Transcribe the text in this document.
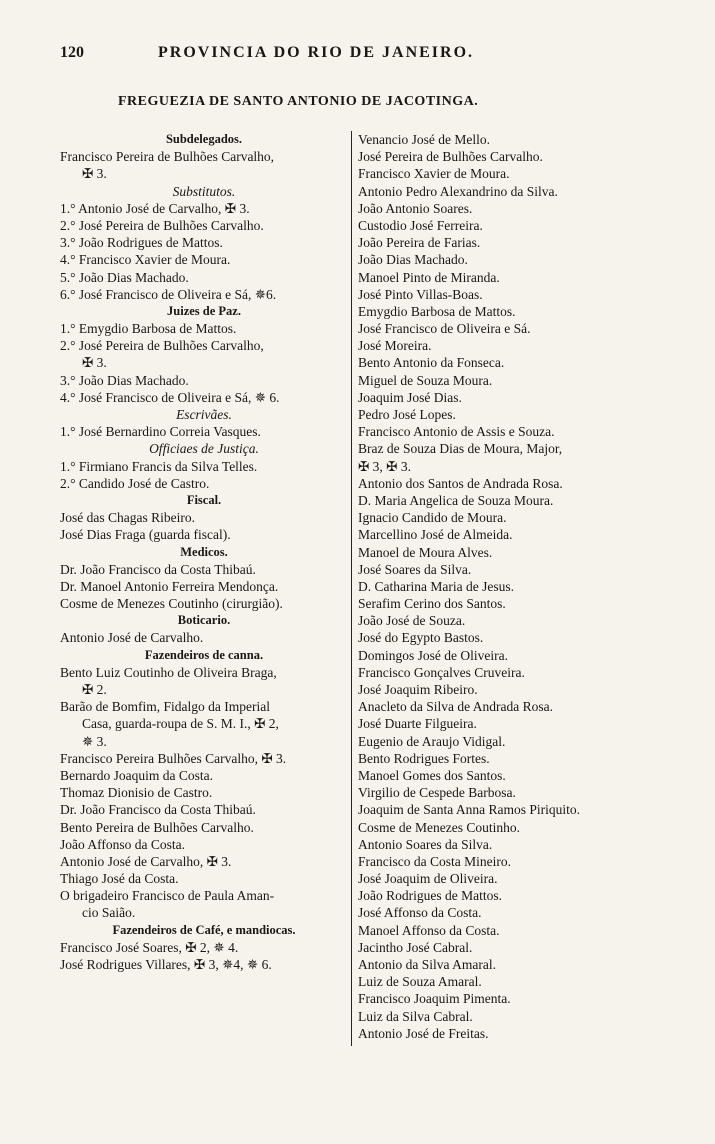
120	PROVINCIA DO RIO DE JANEIRO.
FREGUEZIA DE SANTO ANTONIO DE JACOTINGA.
Subdelegados.
Francisco Pereira de Bulhões Carvalho,
✠ 3.
Substitutos.
1.° Antonio José de Carvalho, ✠ 3.
2.° José Pereira de Bulhões Carvalho.
3.° João Rodrigues de Mattos.
4.° Francisco Xavier de Moura.
5.° João Dias Machado.
6.° José Francisco de Oliveira e Sá, ✵6.
Juizes de Paz.
1.° Emygdio Barbosa de Mattos.
2.° José Pereira de Bulhões Carvalho,
✠ 3.
3.° João Dias Machado.
4.° José Francisco de Oliveira e Sá, ✵ 6.
Escrivães.
1.° José Bernardino Correia Vasques.
Officiaes de Justiça.
1.° Firmiano Francis da Silva Telles.
2.° Candido José de Castro.
Fiscal.
José das Chagas Ribeiro.
José Dias Fraga (guarda fiscal).
Medicos.
Dr. João Francisco da Costa Thibaú.
Dr. Manoel Antonio Ferreira Mendonça.
Cosme de Menezes Coutinho (cirurgião).
Boticario.
Antonio José de Carvalho.
Fazendeiros de canna.
Bento Luiz Coutinho de Oliveira Braga,
✠ 2.
Barão de Bomfim, Fidalgo da Imperial
Casa, guarda-roupa de S. M. I., ✠ 2,
✵ 3.
Francisco Pereira Bulhões Carvalho, ✠ 3.
Bernardo Joaquim da Costa.
Thomaz Dionisio de Castro.
Dr. João Francisco da Costa Thibaú.
Bento Pereira de Bulhões Carvalho.
João Affonso da Costa.
Antonio José de Carvalho, ✠ 3.
Thiago José da Costa.
O brigadeiro Francisco de Paula Aman-
cio Saião.
Fazendeiros de Café, e mandiocas.
Francisco José Soares, ✠ 2, ✵ 4.
José Rodrigues Villares, ✠ 3, ✵4, ✵ 6.
Venancio José de Mello.
José Pereira de Bulhões Carvalho.
Francisco Xavier de Moura.
Antonio Pedro Alexandrino da Silva.
João Antonio Soares.
Custodio José Ferreira.
João Pereira de Farias.
João Dias Machado.
Manoel Pinto de Miranda.
José Pinto Villas-Boas.
Emygdio Barbosa de Mattos.
José Francisco de Oliveira e Sá.
José Moreira.
Bento Antonio da Fonseca.
Miguel de Souza Moura.
Joaquim José Dias.
Pedro José Lopes.
Francisco Antonio de Assis e Souza.
Braz de Souza Dias de Moura, Major,
✠ 3, ✠ 3.
Antonio dos Santos de Andrada Rosa.
D. Maria Angelica de Souza Moura.
Ignacio Candido de Moura.
Marcellino José de Almeida.
Manoel de Moura Alves.
José Soares da Silva.
D. Catharina Maria de Jesus.
Serafim Cerino dos Santos.
João José de Souza.
José do Egypto Bastos.
Domingos José de Oliveira.
Francisco Gonçalves Cruveira.
José Joaquim Ribeiro.
Anacleto da Silva de Andrada Rosa.
José Duarte Filgueira.
Eugenio de Araujo Vidigal.
Bento Rodrigues Fortes.
Manoel Gomes dos Santos.
Virgilio de Cespede Barbosa.
Joaquim de Santa Anna Ramos Piriquito.
Cosme de Menezes Coutinho.
Antonio Soares da Silva.
Francisco da Costa Mineiro.
José Joaquim de Oliveira.
João Rodrigues de Mattos.
José Affonso da Costa.
Manoel Affonso da Costa.
Jacintho José Cabral.
Antonio da Silva Amaral.
Luiz de Souza Amaral.
Francisco Joaquim Pimenta.
Luiz da Silva Cabral.
Antonio José de Freitas.
